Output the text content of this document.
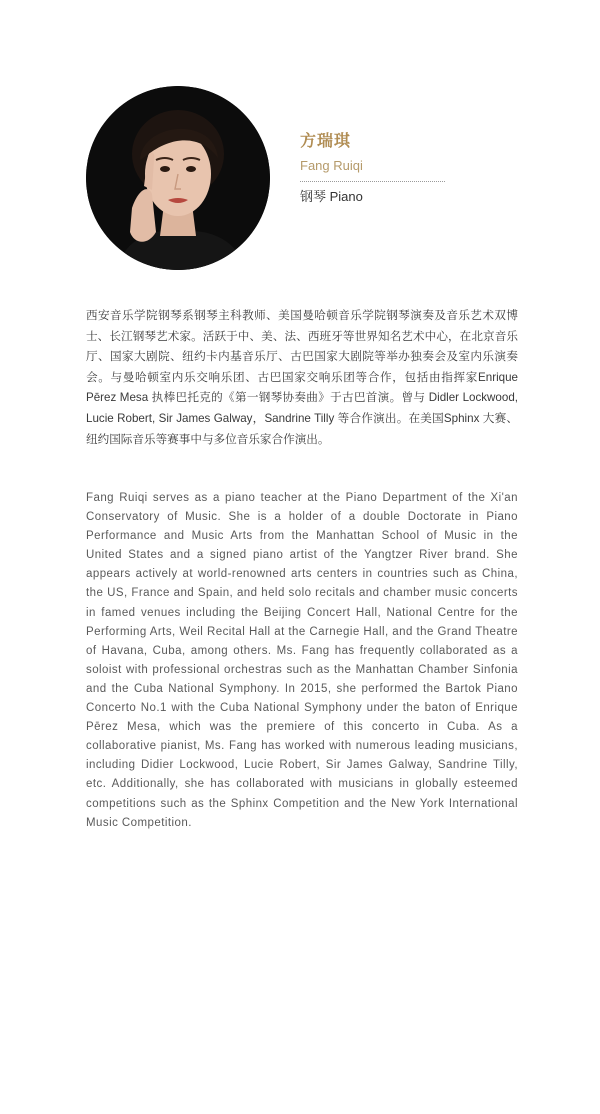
方瑞琪
Fang Ruiqi
钢琴 Piano

西安音乐学院钢琴系钢琴主科教师、美国曼哈顿音乐学院钢琴演奏及音乐艺术双博士、长江钢琴艺术家。活跃于中、美、法、西班牙等世界知名艺术中心，在北京音乐厅、国家大剧院、纽约卡内基音乐厅、古巴国家大剧院等举办独奏会及室内乐演奏会。与曼哈顿室内乐交响乐团、古巴国家交响乐团等合作，包括由指挥家Enrique Pērez Mesa 执棒巴托克的《第一钢琴协奏曲》于古巴首演。曾与 Didler Lockwood, Lucie Robert, Sir James Galway，Sandrine Tilly 等合作演出。在美国Sphinx 大赛、纽约国际音乐等赛事中与多位音乐家合作演出。

Fang Ruiqi serves as a piano teacher at the Piano Department of the Xi'an Conservatory of Music. She is a holder of a double Doctorate in Piano Performance and Music Arts from the Manhattan School of Music in the United States and a signed piano artist of the Yangtzer River brand. She appears actively at world-renowned arts centers in countries such as China, the US, France and Spain, and held solo recitals and chamber music concerts in famed venues including the Beijing Concert Hall, National Centre for the Performing Arts, Weil Recital Hall at the Carnegie Hall, and the Grand Theatre of Havana, Cuba, among others. Ms. Fang has frequently collaborated as a soloist with professional orchestras such as the Manhattan Chamber Sinfonia and the Cuba National Symphony. In 2015, she performed the Bartok Piano Concerto No.1 with the Cuba National Symphony under the baton of Enrique Pērez Mesa, which was the premiere of this concerto in Cuba. As a collaborative pianist, Ms. Fang has worked with numerous leading musicians, including Didier Lockwood, Lucie Robert, Sir James Galway, Sandrine Tilly, etc. Additionally, she has collaborated with musicians in globally esteemed competitions such as the Sphinx Competition and the New York International Music Competition.
